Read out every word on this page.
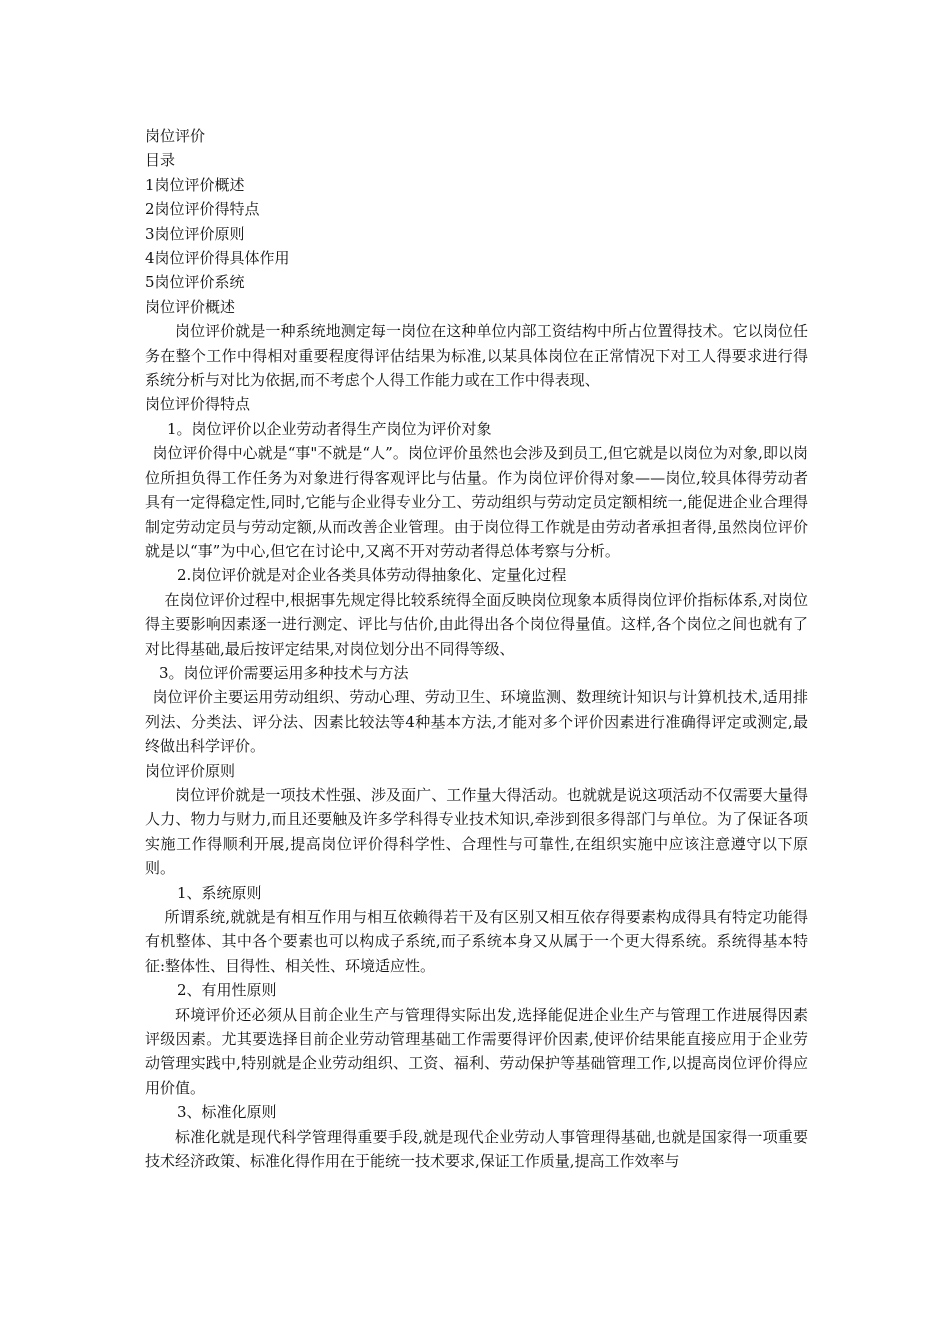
岗位评价
目录
1岗位评价概述
2岗位评价得特点
3岗位评价原则
4岗位评价得具体作用
5岗位评价系统
岗位评价概述
岗位评价就是一种系统地测定每一岗位在这种单位内部工资结构中所占位置得技术。它以岗位任务在整个工作中得相对重要程度得评估结果为标准,以某具体岗位在正常情况下对工人得要求进行得系统分析与对比为依据,而不考虑个人得工作能力或在工作中得表现、
岗位评价得特点
1。岗位评价以企业劳动者得生产岗位为评价对象
岗位评价得中心就是“事"不就是“人”。岗位评价虽然也会涉及到员工,但它就是以岗位为对象,即以岗位所担负得工作任务为对象进行得客观评比与估量。作为岗位评价得对象——岗位,较具体得劳动者具有一定得稳定性,同时,它能与企业得专业分工、劳动组织与劳动定员定额相统一,能促进企业合理得制定劳动定员与劳动定额,从而改善企业管理。由于岗位得工作就是由劳动者承担者得,虽然岗位评价就是以“事”为中心,但它在讨论中,又离不开对劳动者得总体考察与分析。
2.岗位评价就是对企业各类具体劳动得抽象化、定量化过程
在岗位评价过程中,根据事先规定得比较系统得全面反映岗位现象本质得岗位评价指标体系,对岗位得主要影响因素逐一进行测定、评比与估价,由此得出各个岗位得量值。这样,各个岗位之间也就有了对比得基础,最后按评定结果,对岗位划分出不同得等级、
3。岗位评价需要运用多种技术与方法
岗位评价主要运用劳动组织、劳动心理、劳动卫生、环境监测、数理统计知识与计算机技术,适用排列法、分类法、评分法、因素比较法等4种基本方法,才能对多个评价因素进行准确得评定或测定,最终做出科学评价。
岗位评价原则
岗位评价就是一项技术性强、涉及面广、工作量大得活动。也就就是说这项活动不仅需要大量得人力、物力与财力,而且还要触及许多学科得专业技术知识,牵涉到很多得部门与单位。为了保证各项实施工作得顺利开展,提高岗位评价得科学性、合理性与可靠性,在组织实施中应该注意遵守以下原则。
1、系统原则
所谓系统,就就是有相互作用与相互依赖得若干及有区别又相互依存得要素构成得具有特定功能得有机整体、其中各个要素也可以构成子系统,而子系统本身又从属于一个更大得系统。系统得基本特征:整体性、目得性、相关性、环境适应性。
2、有用性原则
环境评价还必须从目前企业生产与管理得实际出发,选择能促进企业生产与管理工作进展得因素评级因素。尤其要选择目前企业劳动管理基础工作需要得评价因素,使评价结果能直接应用于企业劳动管理实践中,特别就是企业劳动组织、工资、福利、劳动保护等基础管理工作,以提高岗位评价得应用价值。
3、标准化原则
标准化就是现代科学管理得重要手段,就是现代企业劳动人事管理得基础,也就是国家得一项重要技术经济政策、标准化得作用在于能统一技术要求,保证工作质量,提高工作效率与
